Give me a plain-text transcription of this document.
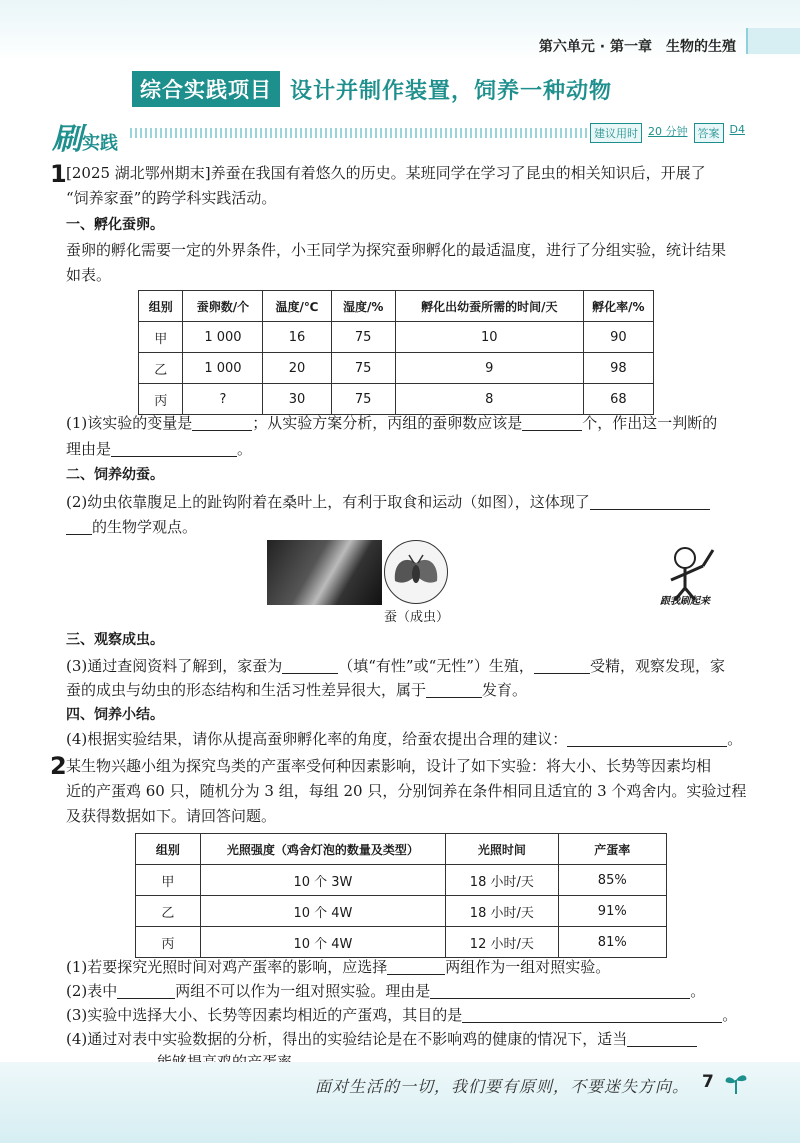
第六单元 · 第一章　生物的生殖
综合实践项目 设计并制作装置，饲养一种动物
刷实践	建议用时 20 分钟 答案 D4
1 [2025 湖北鄂州期末]养蚕在我国有着悠久的历史。某班同学在学习了昆虫的相关知识后，开展了
“饲养家蚕”的跨学科实践活动。
一、孵化蚕卵。
蚕卵的孵化需要一定的外界条件，小王同学为探究蚕卵孵化的最适温度，进行了分组实验，统计结果
如表。
组别	蚕卵数/个	温度/℃	湿度/%	孵化出幼蚕所需的时间/天	孵化率/%
甲	1 000	16	75	10	90
乙	1 000	20	75	9	98
丙	?	30	75	8	68
(1)该实验的变量是	；从实验方案分析，丙组的蚕卵数应该是	个，作出这一判断的
理由是	。
二、饲养幼蚕。
(2)幼虫依靠腹足上的趾钩附着在桑叶上，有利于取食和运动（如图），这体现了
的生物学观点。
蚕（成虫）
跟我刷起来
三、观察成虫。
(3)通过查阅资料了解到，家蚕为	（填“有性”或“无性”）生殖，	受精，观察发现，家
蚕的成虫与幼虫的形态结构和生活习性差异很大，属于	发育。
四、饲养小结。
(4)根据实验结果，请你从提高蚕卵孵化率的角度，给蚕农提出合理的建议：	。
2 某生物兴趣小组为探究鸟类的产蛋率受何种因素影响，设计了如下实验：将大小、长势等因素均相
近的产蛋鸡 60 只，随机分为 3 组，每组 20 只，分别饲养在条件相同且适宜的 3 个鸡舍内。实验过程
及获得数据如下。请回答问题。
组别	光照强度（鸡舍灯泡的数量及类型）	光照时间	产蛋率
甲	10 个 3W	18 小时/天	85%
乙	10 个 4W	18 小时/天	91%
丙	10 个 4W	12 小时/天	81%
(1)若要探究光照时间对鸡产蛋率的影响，应选择	两组作为一组对照实验。
(2)表中	两组不可以作为一组对照实验。理由是	。
(3)实验中选择大小、长势等因素均相近的产蛋鸡，其目的是	。
(4)通过对表中实验数据的分析，得出的实验结论是在不影响鸡的健康的情况下，适当
面对生活的一切，我们要有原则，不要迷失方向。 7
